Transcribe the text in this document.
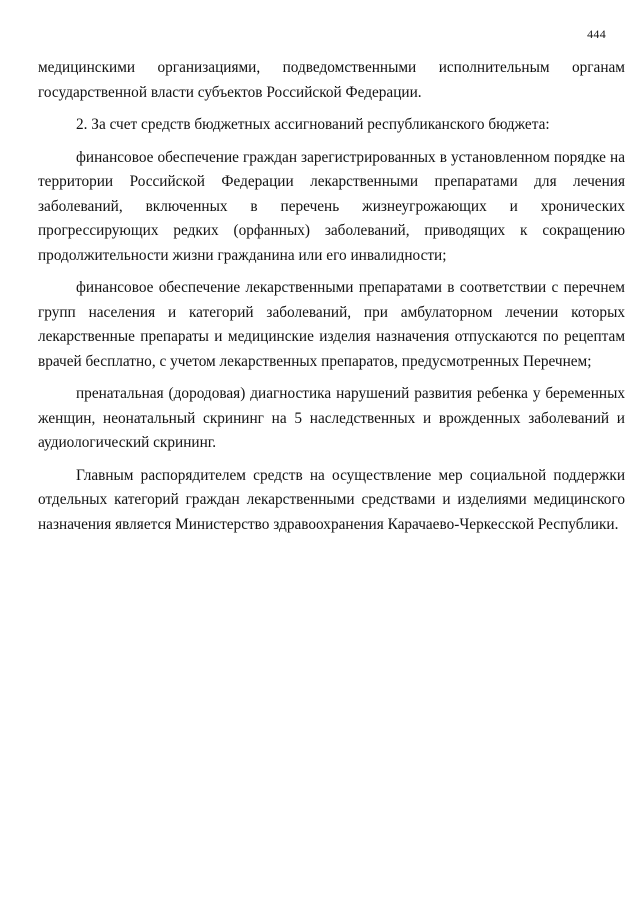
444

медицинскими организациями, подведомственными исполнительным органам государственной власти субъектов Российской Федерации.

2. За счет средств бюджетных ассигнований республиканского бюджета:

финансовое обеспечение граждан зарегистрированных в установленном порядке на территории Российской Федерации лекарственными препаратами для лечения заболеваний, включенных в перечень жизнеугрожающих и хронических прогрессирующих редких (орфанных) заболеваний, приводящих к сокращению продолжительности жизни гражданина или его инвалидности;

финансовое обеспечение лекарственными препаратами в соответствии с перечнем групп населения и категорий заболеваний, при амбулаторном лечении которых лекарственные препараты и медицинские изделия назначения отпускаются по рецептам врачей бесплатно, с учетом лекарственных препаратов, предусмотренных Перечнем;

пренатальная (дородовая) диагностика нарушений развития ребенка у беременных женщин, неонатальный скрининг на 5 наследственных и врожденных заболеваний и аудиологический скрининг.

Главным распорядителем средств на осуществление мер социальной поддержки отдельных категорий граждан лекарственными средствами и изделиями медицинского назначения является Министерство здравоохранения Карачаево-Черкесской Республики.
